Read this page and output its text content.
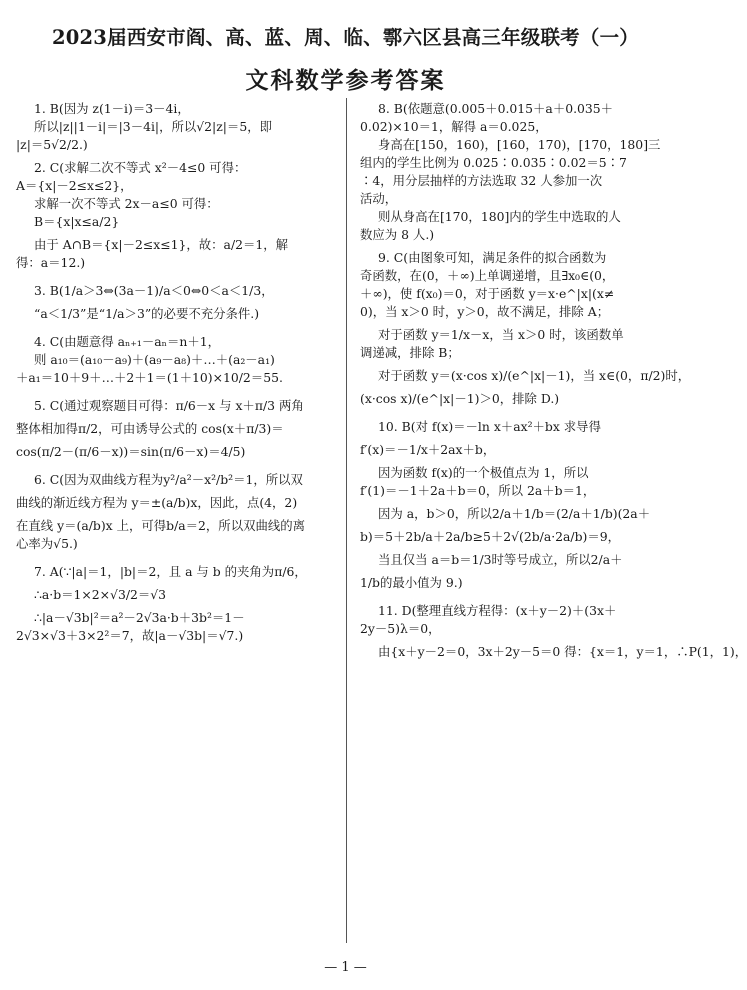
2023届西安市阎、高、蓝、周、临、鄠六区县高三年级联考（一）
文科数学参考答案
1. B(因为 z(1－i)＝3－4i，
所以|z||1－i|＝|3－4i|，所以√2|z|＝5，即
|z|＝5√2/2.)
2. C(求解二次不等式 x²－4≤0 可得：
A＝{x|－2≤x≤2}，
求解一次不等式 2x－a≤0 可得：
B＝{x|x≤a/2}
由于 A∩B＝{x|－2≤x≤1}，故：a/2＝1，解
得：a＝12.)
3. B(1/a＞3⇔(3a－1)/a＜0⇔0＜a＜1/3，
“a＜1/3”是“1/a＞3”的必要不充分条件.)
4. C(由题意得 aₙ₊₁－aₙ＝n＋1，
则 a₁₀＝(a₁₀－a₉)＋(a₉－a₈)＋…＋(a₂－a₁)
＋a₁＝10＋9＋…＋2＋1＝(1＋10)×10/2＝55.
5. C(通过观察题目可得：π/6－x 与 x＋π/3 两角
整体相加得π/2，可由诱导公式的 cos(x＋π/3)＝
cos(π/2－(π/6－x))＝sin(π/6－x)＝4/5)
6. C(因为双曲线方程为y²/a²－x²/b²＝1，所以双
曲线的渐近线方程为 y＝±(a/b)x，因此，点(4，2)
在直线 y＝(a/b)x 上，可得b/a＝2，所以双曲线的离
心率为√5.)
7. A(∵|a|＝1，|b|＝2，且 a 与 b 的夹角为π/6，
∴a·b＝1×2×√3/2＝√3
∴|a－√3b|²＝a²－2√3a·b＋3b²＝1－
2√3×√3＋3×2²＝7，故|a－√3b|＝√7.)
8. B(依题意(0.005＋0.015＋a＋0.035＋
0.02)×10＝1，解得 a＝0.025，
身高在[150，160)，[160，170)，[170，180]三
组内的学生比例为 0.025∶0.035∶0.02＝5∶7
∶4，用分层抽样的方法选取 32 人参加一次
活动，
则从身高在[170，180]内的学生中选取的人
数应为 8 人.)
9. C(由图象可知，满足条件的拟合函数为
奇函数，在(0，＋∞)上单调递增，且∃x₀∈(0，
＋∞)，使 f(x₀)＝0，对于函数 y＝x·e^|x|(x≠
0)，当 x＞0 时，y＞0，故不满足，排除 A；
对于函数 y＝1/x－x，当 x＞0 时，该函数单
调递减，排除 B；
对于函数 y＝(x·cos x)/(e^|x|－1)，当 x∈(0，π/2)时，
(x·cos x)/(e^|x|－1)＞0，排除 D.)
10. B(对 f(x)＝－ln x＋ax²＋bx 求导得
f′(x)＝－1/x＋2ax＋b，
因为函数 f(x)的一个极值点为 1，所以
f′(1)＝－1＋2a＋b＝0，所以 2a＋b＝1，
因为 a，b＞0，所以2/a＋1/b＝(2/a＋1/b)(2a＋
b)＝5＋2b/a＋2a/b≥5＋2√(2b/a·2a/b)＝9，
当且仅当 a＝b＝1/3时等号成立，所以2/a＋
1/b的最小值为 9.)
11. D(整理直线方程得：(x＋y－2)＋(3x＋
2y－5)λ＝0，
由{x＋y－2＝0，3x＋2y－5＝0 得：{x＝1，y＝1，∴P(1，1)，
— 1 —
